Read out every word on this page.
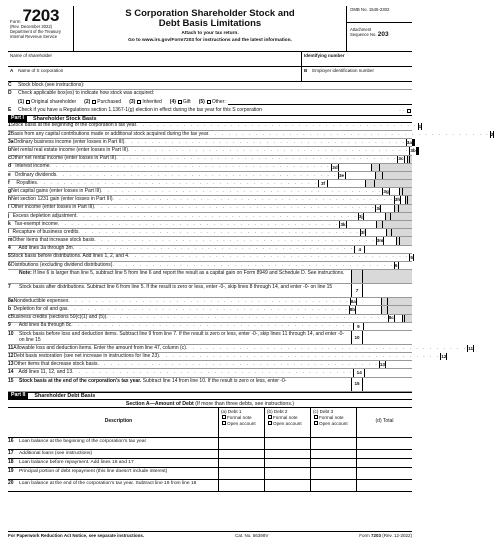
Form 7203
(Rev. December 2022)
Department of the Treasury
Internal Revenue Service
S Corporation Shareholder Stock and
Debt Basis Limitations
Attach to your tax return.
Go to www.irs.gov/Form7203 for instructions and the latest information.
OMB No. 1545-2302
Attachment
Sequence No. 203
Name of shareholder	Identifying number
A Name of S corporation	B Employer identification number
C	Stock block (see instructions):
D	Check applicable box(es) to indicate how stock was acquired:
(1) Original shareholder (2) Purchased (3) Inherited (4) Gift (5) Other:
E	Check if you have a Regulations section 1.1367-1(g) election in effect during the tax year for this S corporation	..
Part I	Shareholder Stock Basis
1 Stock basis at the beginning of the corporation's tax year . . . . . . . . . . . . . . . . . . . . . . . . . . . . . . . . . . . . . . . . . . 1
2 Basis from any capital contributions made or additional stock acquired during the tax year . . . . . . . . . . . . . . . . . . . . . . . . . . . . . . . . . . . . . . . . . . 2
3a Ordinary business income (enter losses in Part III) . . . . . . . . . . . . . . . . . . . . . . . . . . . . . . . . . . . . . . . . . . 3a
b Net rental real estate income (enter losses in Part III) . . . . . . . . . . . . . . . . . . . . . . . . . . . . . . . . . . . . . . . . . . 3b
c Other net rental income (enter losses in Part III) . . . . . . . . . . . . . . . . . . . . . . . . . . . . . . . . . . . . . . . . . . 3c
d Interest income . . . . . . . . . . . . . . . . . . . . . . . . . . . . . . . . . . . . . . . . . . 3d
e Ordinary dividends . . . . . . . . . . . . . . . . . . . . . . . . . . . . . . . . . . . . . . . . . . 3e
f	Royalties . . . . . . . . . . . . . . . . . . . . . . . . . . . . . . . . . . . . . . . . . . 3f
g Net capital gains (enter losses in Part III) . . . . . . . . . . . . . . . . . . . . . . . . . . . . . . . . . . . . . . . . . . 3g
h Net section 1231 gain (enter losses in Part III) . . . . . . . . . . . . . . . . . . . . . . . . . . . . . . . . . . . . . . . . . . 3h
i Other income (enter losses in Part III) . . . . . . . . . . . . . . . . . . . . . . . . . . . . . . . . . . . . . . . . . . 3i
j Excess depletion adjustment . . . . . . . . . . . . . . . . . . . . . . . . . . . . . . . . . . . . . . . . . . 3j
k Tax-exempt income . . . . . . . . . . . . . . . . . . . . . . . . . . . . . . . . . . . . . . . . . . 3k
l Recapture of business credits . . . . . . . . . . . . . . . . . . . . . . . . . . . . . . . . . . . . . . . . . . 3l
m Other items that increase stock basis . . . . . . . . . . . . . . . . . . . . . . . . . . . . . . . . . . . . . . . . . . 3m
4	Add lines 3a through 3m . . . . . . . . . . . . . . . . . . . . . . . . . . . . . . . . . . . . . . . . . . 4
5 Stock basis before distributions. Add lines 1, 2, and 4 . . . . . . . . . . . . . . . . . . . . . . . . . . . . . . . . . . . . . . . . . . 5
6 Distributions (excluding dividend distributions) . . . . . . . . . . . . . . . . . . . . . . . . . . . . . . . . . . . . . . . . . . 6
Note: If line 6 is larger than line 5, subtract line 5 from line 6 and report the result as a capital gain on Form 8949 and Schedule D. See instructions.
7	Stock basis after distributions. Subtract line 6 from line 5. If the result is zero or less, enter -0-, skip lines 8 through 14, and enter -0- on line 15
7
8a Nondeductible expenses . . . . . . . . . . . . . . . . . . . . . . . . . . . . . . . . . . . . . . . . . . 8a
b Depletion for oil and gas . . . . . . . . . . . . . . . . . . . . . . . . . . . . . . . . . . . . . . . . . . 8b
c Business credits (sections 50(c)(1) and (5)) . . . . . . . . . . . . . . . . . . . . . . . . . . . . . . . . . . . . . . . . . . 8c
9	Add lines 8a through 8c . . . . . . . . . . . . . . . . . . . . . . . . . . . . . . . . . . . . . . . . . . 9
10	Stock basis before loss and deduction items. Subtract line 9 from line 7. If the result is zero or less, enter -0-, skip lines 11 through 14, and enter -0- on line 15	10
11 Allowable loss and deduction items. Enter the amount from line 47, column (c) . . . . . . . . . . . . . . . . . . . . . . . . . . . . . . . . . . . . . . . . . . 11
12 Debt basis restoration (see net increase in instructions for line 23) . . . . . . . . . . . . . . . . . . . . . . . . . . . . . . . . . . . . . . . . . . 12
13 Other items that decrease stock basis . . . . . . . . . . . . . . . . . . . . . . . . . . . . . . . . . . . . . . . . . . 13
14 Add lines 11, 12, and 13 . . . . . . . . . . . . . . . . . . . . . . . . . . . . . . . . . . . . . . . . . . 14
15	Stock basis at the end of the corporation's tax year. Subtract line 14 from line 10. If the result is zero or less, enter -0-
15
Part II	Shareholder Debt Basis
Section A—Amount of Debt (If more than three debts, see instructions.)
Description
(a) Debt 1
Formal note
Open account
(b) Debt 2
Formal note
Open account
(c) Debt 3
Formal note
Open account	(d) Total
16	Loan balance at the beginning of the corporation's tax year
17	Additional loans (see instructions)
18	Loan balance before repayment. Add lines 16 and 17
19	Principal portion of debt repayment (this line doesn't include interest)
20	Loan balance at the end of the corporation's tax year. Subtract line 19 from line 18
For Paperwork Reduction Act Notice, see separate instructions.	Cat. No. 56398V	Form 7203 (Rev. 12-2022)
